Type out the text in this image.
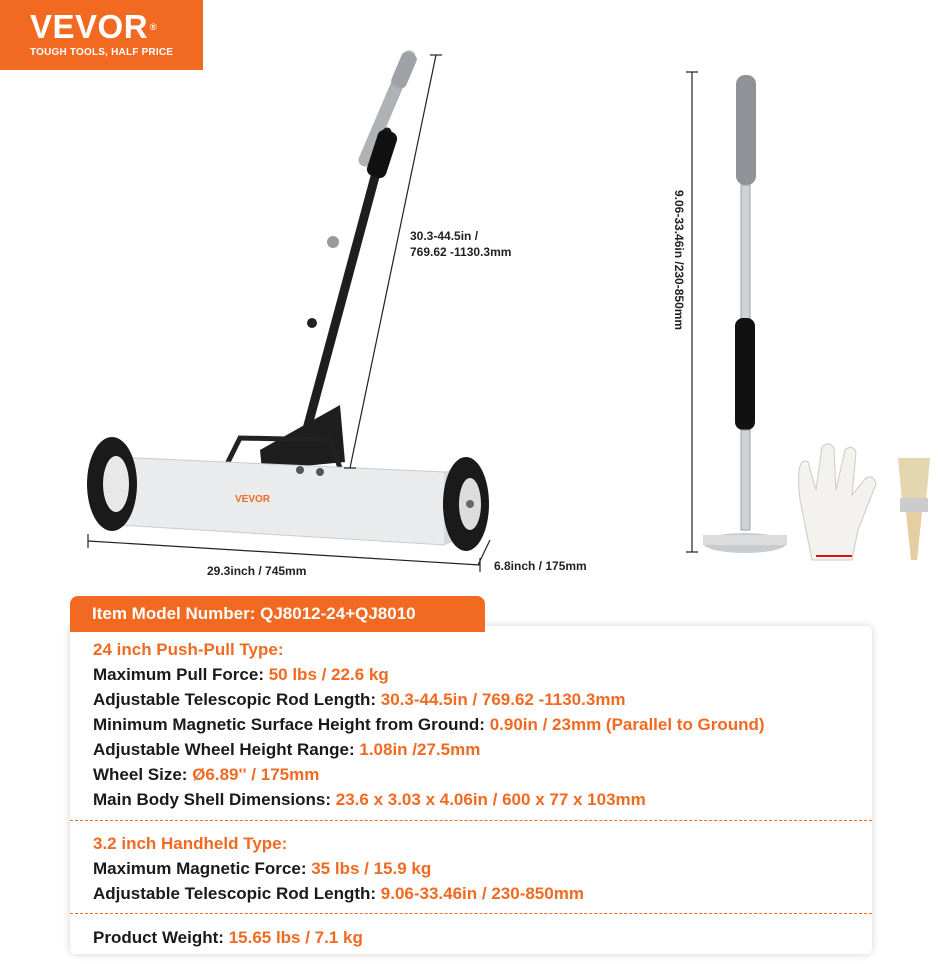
VEVOR ®
TOUGH TOOLS, HALF PRICE
VEVOR
30.3-44.5in /
769.62 -1130.3mm
29.3inch / 745mm	6.8inch / 175mm
9.06-33.46in /230-850mm
Item Model Number: QJ8012-24+QJ8010
24 inch Push-Pull Type:
Maximum Pull Force: 50 lbs / 22.6 kg
Adjustable Telescopic Rod Length: 30.3-44.5in / 769.62 -1130.3mm
Minimum Magnetic Surface Height from Ground: 0.90in / 23mm (Parallel to Ground)
Adjustable Wheel Height Range: 1.08in /27.5mm
Wheel Size: Ø6.89'' / 175mm
Main Body Shell Dimensions: 23.6 x 3.03 x 4.06in / 600 x 77 x 103mm
3.2 inch Handheld Type:
Maximum Magnetic Force: 35 lbs / 15.9 kg
Adjustable Telescopic Rod Length: 9.06-33.46in / 230-850mm
Product Weight: 15.65 lbs / 7.1 kg
